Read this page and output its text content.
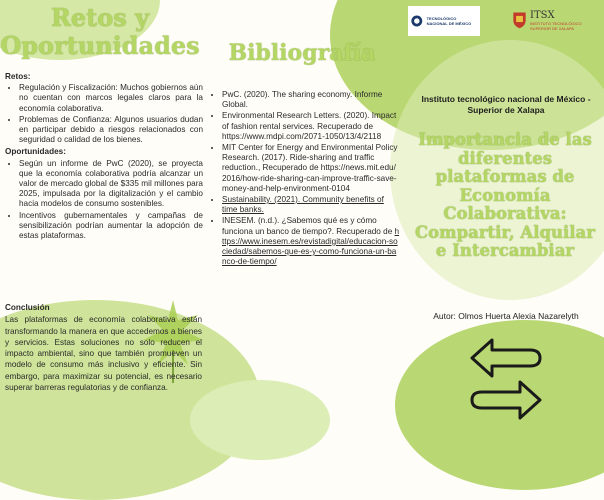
Retos y
Oportunidades
Retos:
• Regulación y Fiscalización: Muchos gobiernos aún no cuentan con marcos legales claros para la economía colaborativa.
• Problemas de Confianza: Algunos usuarios dudan en participar debido a riesgos relacionados con seguridad o calidad de los bienes.
Oportunidades:
• Según un informe de PwC (2020), se proyecta que la economía colaborativa podría alcanzar un valor de mercado global de $335 mil millones para 2025, impulsada por la digitalización y el cambio hacia modelos de consumo sostenibles.
• Incentivos gubernamentales y campañas de sensibilización podrían aumentar la adopción de estas plataformas.
Conclusión

Las plataformas de economía colaborativa están transformando la manera en que accedemos a bienes y servicios. Estas soluciones no solo reducen el impacto ambiental, sino que también promueven un modelo de consumo más inclusivo y eficiente. Sin embargo, para maximizar su potencial, es necesario superar barreras regulatorias y de confianza.

Bibliografía
• PwC. (2020). The sharing economy. Informe Global.
• Environmental Research Letters. (2020). Impact of fashion rental services. Recuperado de https://www.mdpi.com/2071-1050/13/4/2118
• MIT Center for Energy and Environmental Policy Research. (2017). Ride-sharing and traffic reduction., Recuperado de https://news.mit.edu/2016/how-ride-sharing-can-improve-traffic-save-money-and-help-environment-0104
• Sustainability. (2021). Community benefits of time banks.
• INESEM. (n.d.). ¿Sabemos qué es y cómo funciona un banco de tiempo?. Recuperado de https://www.inesem.es/revistadigital/educacion-sociedad/sabemos-que-es-y-como-funciona-un-banco-de-tiempo/
TECNOLÓGICO NACIONAL DE MÉXICO
ITSX
INSTITUTO TECNOLÓGICO SUPERIOR DE XALAPA
Instituto tecnológico nacional de México - Superior de Xalapa
Importancia de las diferentes plataformas de Economía Colaborativa: Compartir, Alquilar e Intercambiar
Autor: Olmos Huerta Alexia Nazarelyth
